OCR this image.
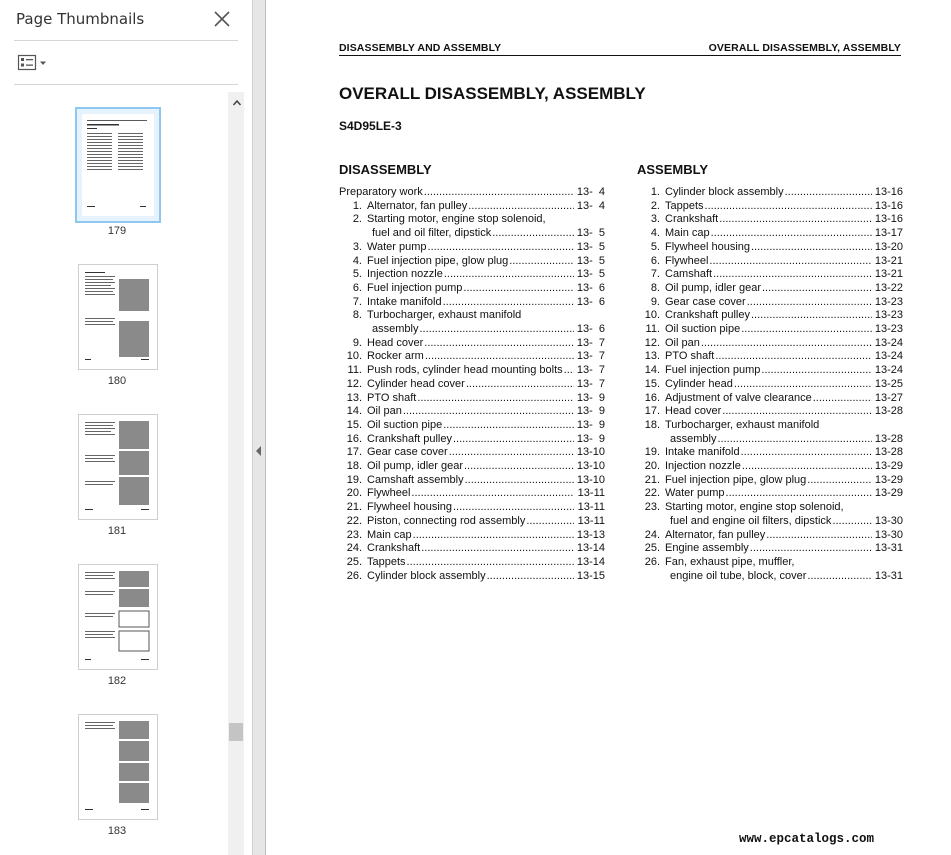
Page Thumbnails
179
180
181
182
183
DISASSEMBLY AND ASSEMBLY	OVERALL DISASSEMBLY, ASSEMBLY
OVERALL DISASSEMBLY, ASSEMBLY
S4D95LE-3
DISASSEMBLY
Preparatory work .....	13-  4
1. Alternator, fan pulley .....	13-  4
2. Starting motor, engine stop solenoid,
fuel and oil filter, dipstick .....	13-  5
3. Water pump .....	13-  5
4. Fuel injection pipe, glow plug .....	13-  5
5. Injection nozzle .....	13-  5
6. Fuel injection pump .....	13-  6
7. Intake manifold .....	13-  6
8. Turbocharger, exhaust manifold
assembly .....	13-  6
9. Head cover .....	13-  7
10. Rocker arm .....	13-  7
11. Push rods, cylinder head mounting bolts ..... 13-  7
12. Cylinder head cover .....	13-  7
13. PTO shaft .....	13-  9
14. Oil pan .....	13-  9
15. Oil suction pipe .....	13-  9
16. Crankshaft pulley .....	13-  9
17. Gear case cover .....	13-10
18. Oil pump, idler gear .....	13-10
19. Camshaft assembly .....	13-10
20. Flywheel .....	13-11
21. Flywheel housing .....	13-11
22. Piston, connecting rod assembly .....	13-11
23. Main cap .....	13-13
24. Crankshaft .....	13-14
25. Tappets .....	13-14
26. Cylinder block assembly .....	13-15
ASSEMBLY
1. Cylinder block assembly .....	13-16
2. Tappets .....	13-16
3. Crankshaft .....	13-16
4. Main cap .....	13-17
5. Flywheel housing .....	13-20
6. Flywheel .....	13-21
7. Camshaft .....	13-21
8. Oil pump, idler gear .....	13-22
9. Gear case cover .....	13-23
10. Crankshaft pulley .....	13-23
11. Oil suction pipe .....	13-23
12. Oil pan .....	13-24
13. PTO shaft .....	13-24
14. Fuel injection pump .....	13-24
15. Cylinder head .....	13-25
16. Adjustment of valve clearance .....	13-27
17. Head cover .....	13-28
18. Turbocharger, exhaust manifold
assembly .....	13-28
19. Intake manifold .....	13-28
20. Injection nozzle .....	13-29
21. Fuel injection pipe, glow plug .....	13-29
22. Water pump .....	13-29
23. Starting motor, engine stop solenoid,
fuel and engine oil filters, dipstick .....	13-30
24. Alternator, fan pulley .....	13-30
25. Engine assembly .....	13-31
26. Fan, exhaust pipe, muffler,
engine oil tube, block, cover .....	13-31
www.epcatalogs.com
